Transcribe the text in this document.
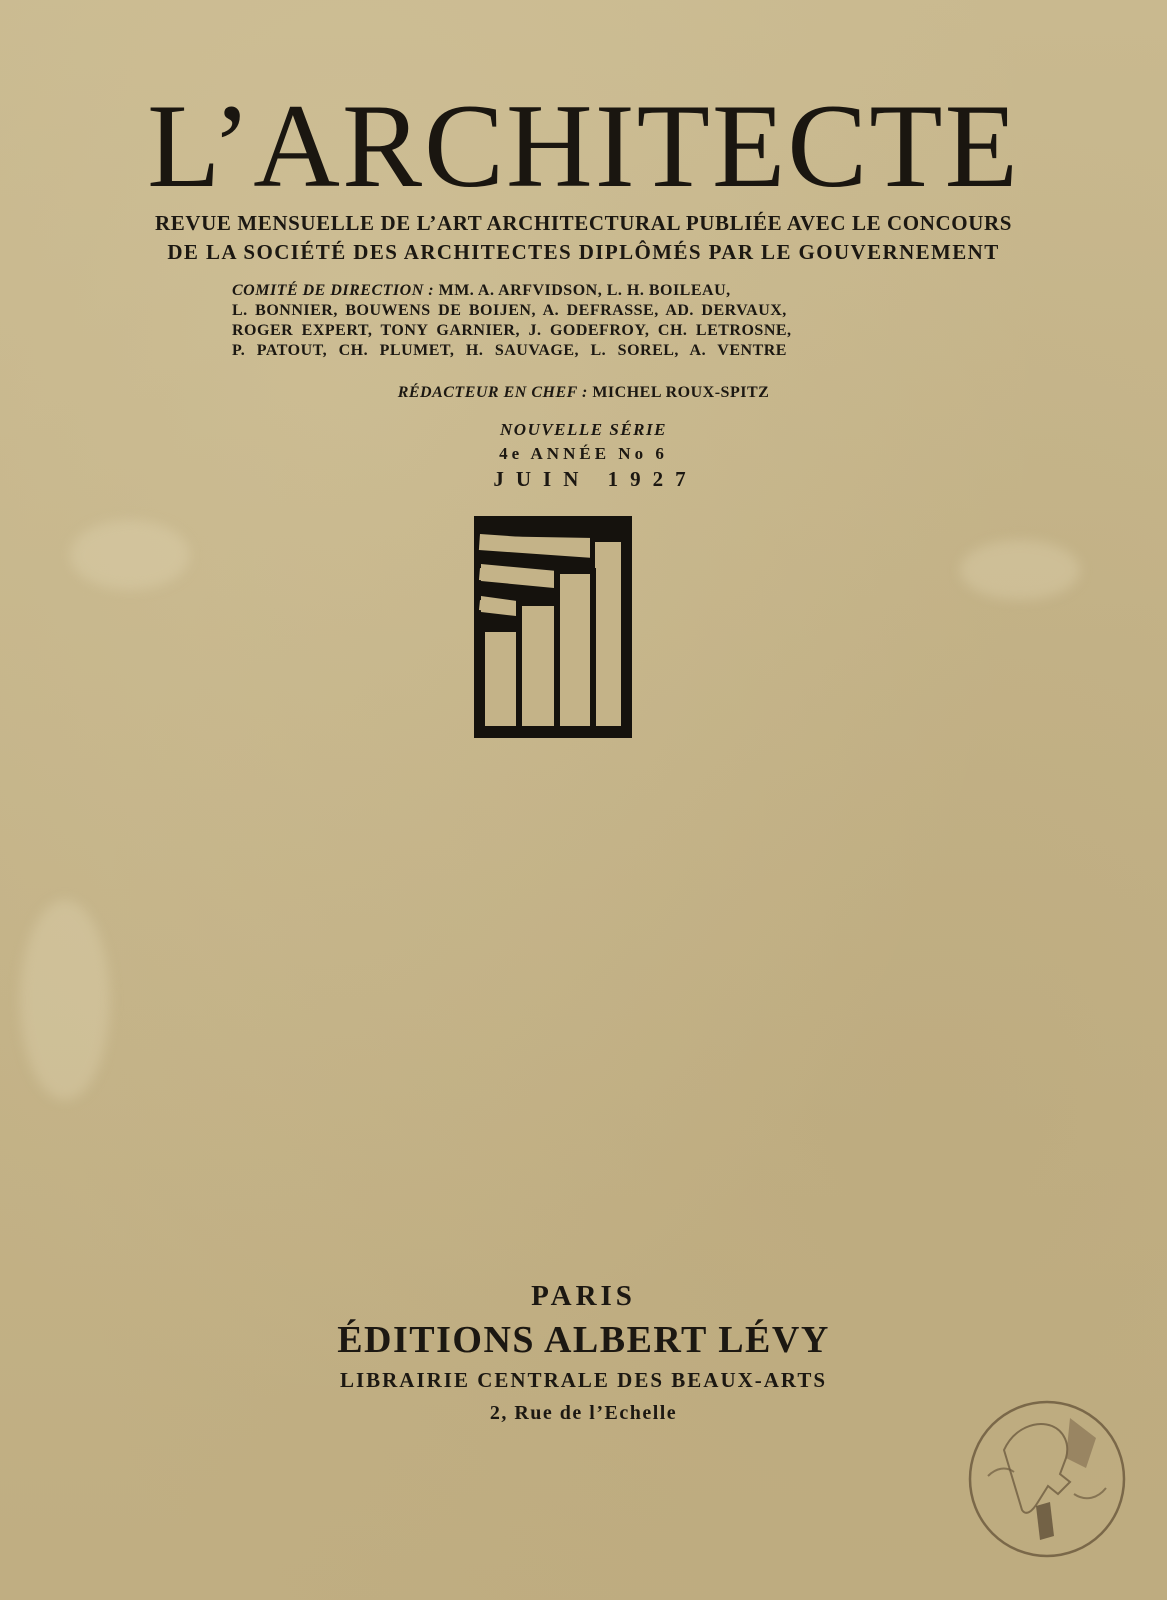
L’ARCHITECTE
REVUE MENSUELLE DE L’ART ARCHITECTURAL PUBLIÉE AVEC LE CONCOURS
DE LA SOCIÉTÉ DES ARCHITECTES DIPLÔMÉS PAR LE GOUVERNEMENT
COMITÉ DE DIRECTION : MM. A. ARFVIDSON, L. H. BOILEAU,
L. BONNIER, BOUWENS DE BOIJEN, A. DEFRASSE, AD. DERVAUX,
ROGER EXPERT, TONY GARNIER, J. GODEFROY, CH. LETROSNE,
P. PATOUT, CH. PLUMET, H. SAUVAGE, L. SOREL, A. VENTRE
RÉDACTEUR EN CHEF : MICHEL ROUX-SPITZ
NOUVELLE SÉRIE
4e ANNÉE No 6
JUIN 1927
PARIS
ÉDITIONS ALBERT LÉVY
LIBRAIRIE CENTRALE DES BEAUX-ARTS
2, Rue de l’Echelle
